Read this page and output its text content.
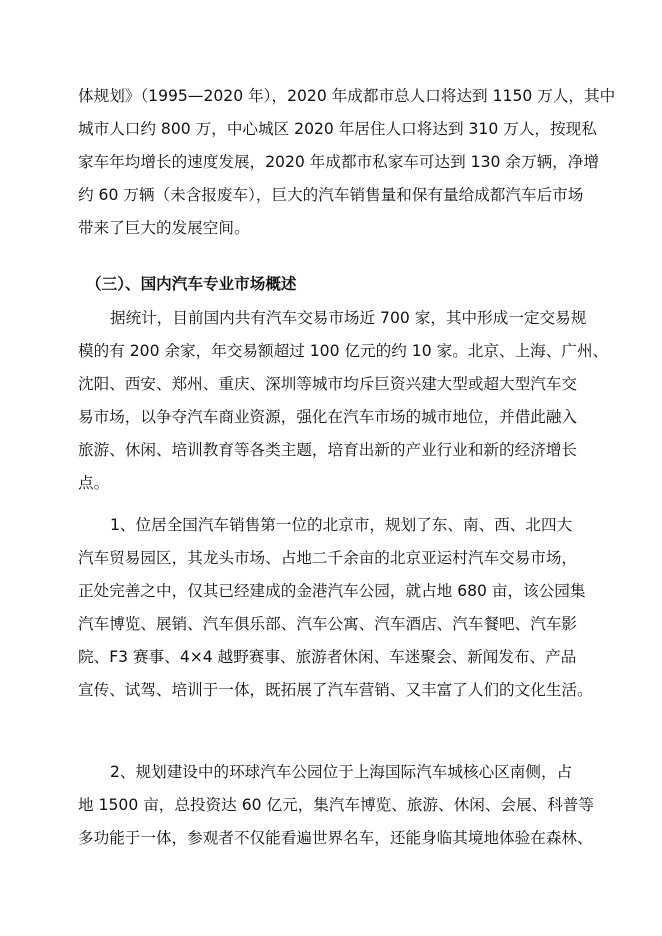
体规划》（1995—2020 年），2020 年成都市总人口将达到 1150 万人，其中
城市人口约 800 万，中心城区 2020 年居住人口将达到 310 万人，按现私
家车年均增长的速度发展，2020 年成都市私家车可达到 130 余万辆，净增
约 60 万辆（未含报废车），巨大的汽车销售量和保有量给成都汽车后市场
带来了巨大的发展空间。
（三）、国内汽车专业市场概述
据统计，目前国内共有汽车交易市场近 700 家，其中形成一定交易规
模的有 200 余家，年交易额超过 100 亿元的约 10 家。北京、上海、广州、
沈阳、西安、郑州、重庆、深圳等城市均斥巨资兴建大型或超大型汽车交
易市场，以争夺汽车商业资源，强化在汽车市场的城市地位，并借此融入
旅游、休闲、培训教育等各类主题，培育出新的产业行业和新的经济增长
点。
1、位居全国汽车销售第一位的北京市，规划了东、南、西、北四大
汽车贸易园区，其龙头市场、占地二千余亩的北京亚运村汽车交易市场，
正处完善之中，仅其已经建成的金港汽车公园，就占地 680 亩，该公园集
汽车博览、展销、汽车俱乐部、汽车公寓、汽车酒店、汽车餐吧、汽车影
院、F3 赛事、4×4 越野赛事、旅游者休闲、车迷聚会、新闻发布、产品
宣传、试驾、培训于一体，既拓展了汽车营销、又丰富了人们的文化生活。
2、规划建设中的环球汽车公园位于上海国际汽车城核心区南侧，占
地 1500 亩，总投资达 60 亿元，集汽车博览、旅游、休闲、会展、科普等
多功能于一体，参观者不仅能看遍世界名车，还能身临其境地体验在森林、
